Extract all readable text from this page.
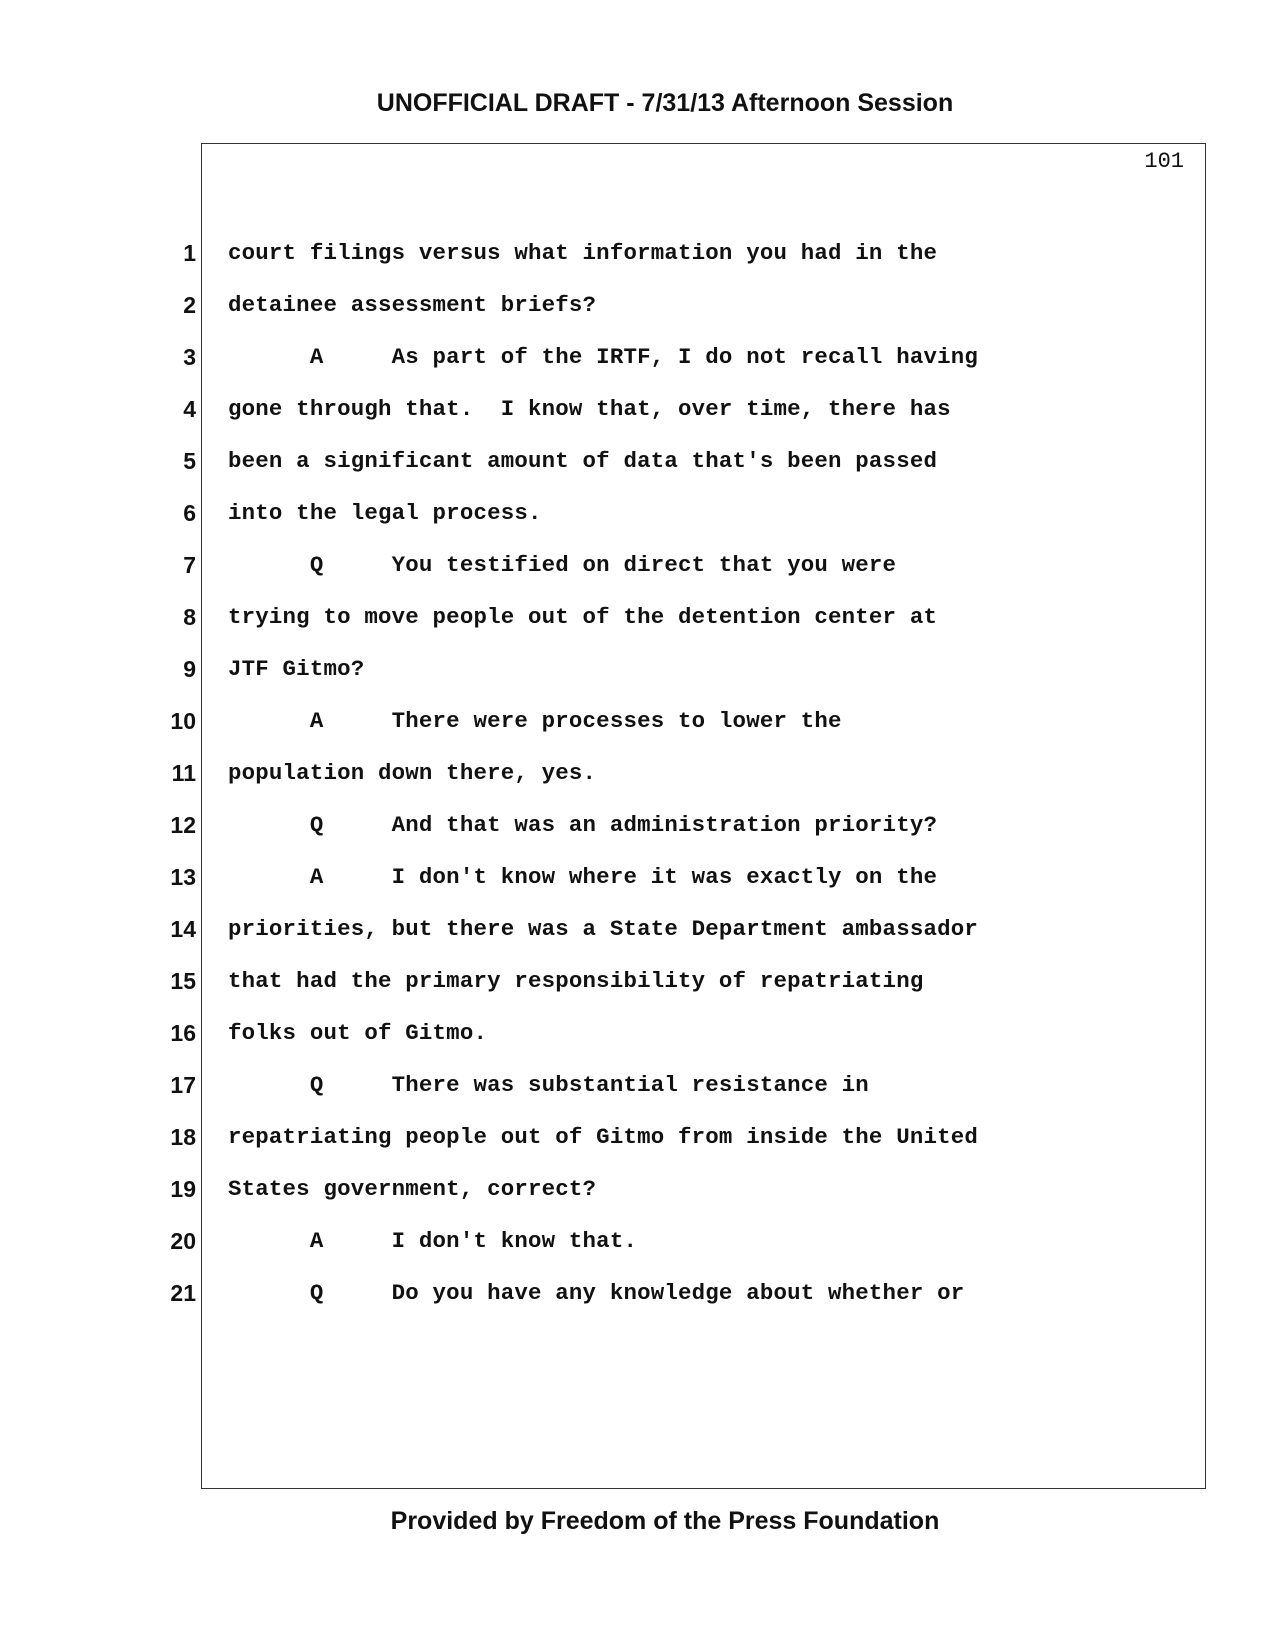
UNOFFICIAL DRAFT - 7/31/13 Afternoon Session
101
1 court filings versus what information you had in the
2 detainee assessment briefs?
3 A     As part of the IRTF, I do not recall having
4 gone through that.  I know that, over time, there has
5 been a significant amount of data that's been passed
6 into the legal process.
7 Q     You testified on direct that you were
8 trying to move people out of the detention center at
9 JTF Gitmo?
10 A     There were processes to lower the
11 population down there, yes.
12 Q     And that was an administration priority?
13 A     I don't know where it was exactly on the
14 priorities, but there was a State Department ambassador
15 that had the primary responsibility of repatriating
16 folks out of Gitmo.
17 Q     There was substantial resistance in
18 repatriating people out of Gitmo from inside the United
19 States government, correct?
20 A     I don't know that.
21 Q     Do you have any knowledge about whether or
Provided by Freedom of the Press Foundation
